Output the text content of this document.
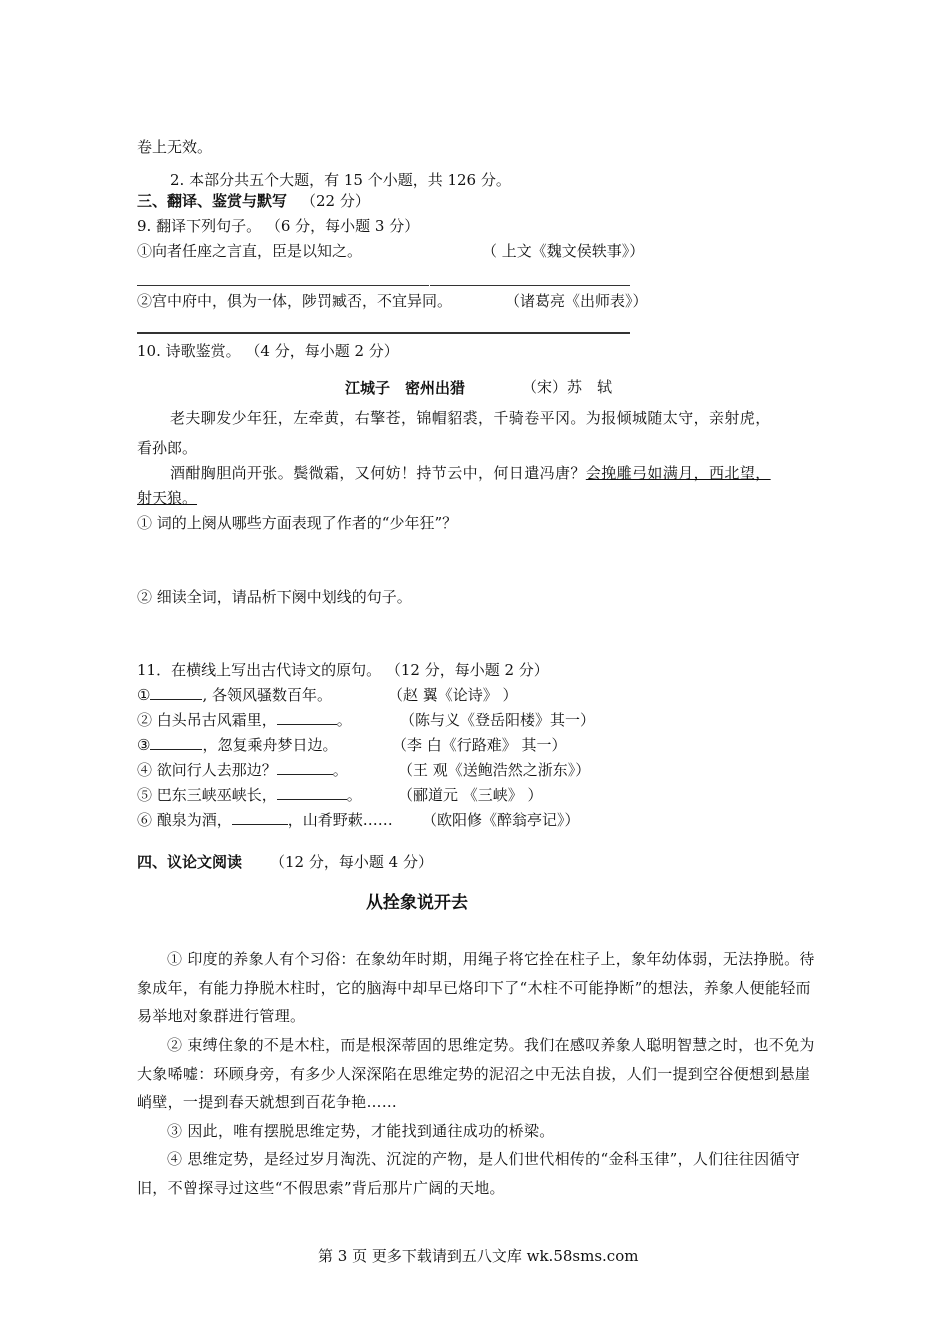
卷上无效。
2. 本部分共五个大题，有 15 个小题，共 126 分。
三、翻译、鉴赏与默写 （22 分）
9. 翻译下列句子。 （6 分，每小题 3 分）
①向者任座之言直，臣是以知之。	（ 上文《魏文侯轶事》）
②宫中府中，俱为一体，陟罚臧否，不宜异同。	（诸葛亮《出师表》）
10. 诗歌鉴赏。 （4 分，每小题 2 分）
江城子　密州出猎	（宋）苏　轼
老夫聊发少年狂，左牵黄，右擎苍，锦帽貂裘，千骑卷平冈。为报倾城随太守，亲射虎，
看孙郎。
酒酣胸胆尚开张。鬓微霜，又何妨！持节云中，何日遣冯唐？会挽雕弓如满月，西北望，
射天狼。
① 词的上阕从哪些方面表现了作者的“少年狂”？
② 细读全词，请品析下阕中划线的句子。
11．在横线上写出古代诗文的原句。 （12 分，每小题 2 分）
①	, 各领风骚数百年。	（赵 翼《论诗》 ）
② 白头吊古风霜里，	。	（陈与义《登岳阳楼》其一）
③	，忽复乘舟梦日边。	（李 白《行路难》 其一）
④ 欲问行人去那边？	。	（王 观《送鲍浩然之浙东》）
⑤ 巴东三峡巫峡长，	。 （郦道元 《三峡》 ）
⑥ 酿泉为酒，	，山肴野蔌…… （欧阳修《醉翁亭记》）
四、议论文阅读 （12 分，每小题 4 分）
从拴象说开去
① 印度的养象人有个习俗：在象幼年时期，用绳子将它拴在柱子上，象年幼体弱，无法挣脱。待象成年，有能力挣脱木柱时，它的脑海中却早已烙印下了“木柱不可能挣断”的想法，养象人便能轻而易举地对象群进行管理。
② 束缚住象的不是木柱，而是根深蒂固的思维定势。我们在感叹养象人聪明智慧之时，也不免为大象唏嘘：环顾身旁，有多少人深深陷在思维定势的泥沼之中无法自拔，人们一提到空谷便想到悬崖峭壁，一提到春天就想到百花争艳……
③ 因此，唯有摆脱思维定势，才能找到通往成功的桥梁。
④ 思维定势，是经过岁月淘洗、沉淀的产物，是人们世代相传的“金科玉律”，人们往往因循守旧，不曾探寻过这些“不假思索”背后那片广阔的天地。
第 3 页 更多下载请到五八文库 wk.58sms.com
